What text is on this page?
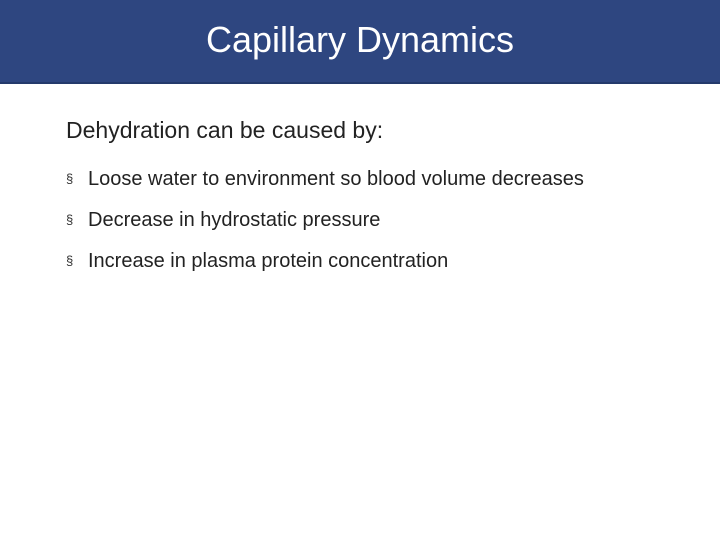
Capillary Dynamics

Dehydration can be caused by:

§ Loose water to environment so blood volume decreases
§ Decrease in hydrostatic pressure
§ Increase in plasma protein concentration
